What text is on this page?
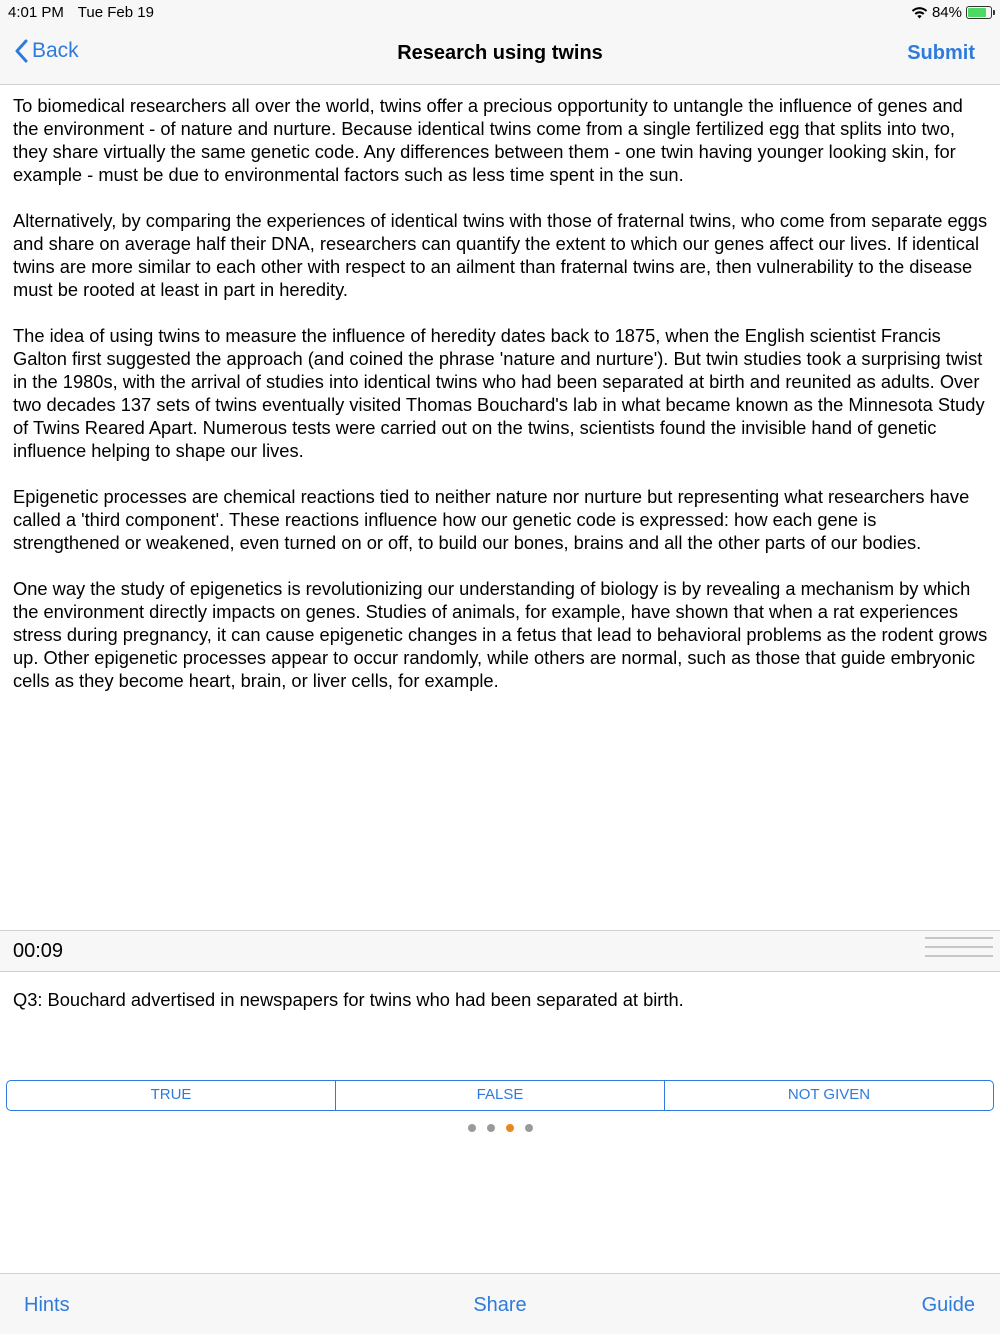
4:01 PM Tue Feb 19	84%
Back	Research using twins	Submit

To biomedical researchers all over the world, twins offer a precious opportunity to untangle the influence of genes and the environment - of nature and nurture. Because identical twins come from a single fertilized egg that splits into two, they share virtually the same genetic code. Any differences between them - one twin having younger looking skin, for example - must be due to environmental factors such as less time spent in the sun.

Alternatively, by comparing the experiences of identical twins with those of fraternal twins, who come from separate eggs and share on average half their DNA, researchers can quantify the extent to which our genes affect our lives. If identical twins are more similar to each other with respect to an ailment than fraternal twins are, then vulnerability to the disease must be rooted at least in part in heredity.

The idea of using twins to measure the influence of heredity dates back to 1875, when the English scientist Francis Galton first suggested the approach (and coined the phrase 'nature and nurture'). But twin studies took a surprising twist in the 1980s, with the arrival of studies into identical twins who had been separated at birth and reunited as adults. Over two decades 137 sets of twins eventually visited Thomas Bouchard's lab in what became known as the Minnesota Study of Twins Reared Apart. Numerous tests were carried out on the twins, scientists found the invisible hand of genetic influence helping to shape our lives.

Epigenetic processes are chemical reactions tied to neither nature nor nurture but representing what researchers have called a 'third component'. These reactions influence how our genetic code is expressed: how each gene is strengthened or weakened, even turned on or off, to build our bones, brains and all the other parts of our bodies.

One way the study of epigenetics is revolutionizing our understanding of biology is by revealing a mechanism by which the environment directly impacts on genes. Studies of animals, for example, have shown that when a rat experiences stress during pregnancy, it can cause epigenetic changes in a fetus that lead to behavioral problems as the rodent grows up. Other epigenetic processes appear to occur randomly, while others are normal, such as those that guide embryonic cells as they become heart, brain, or liver cells, for example.

00:09
Q3: Bouchard advertised in newspapers for twins who had been separated at birth.
TRUE	FALSE	NOT GIVEN
Hints	Share	Guide
